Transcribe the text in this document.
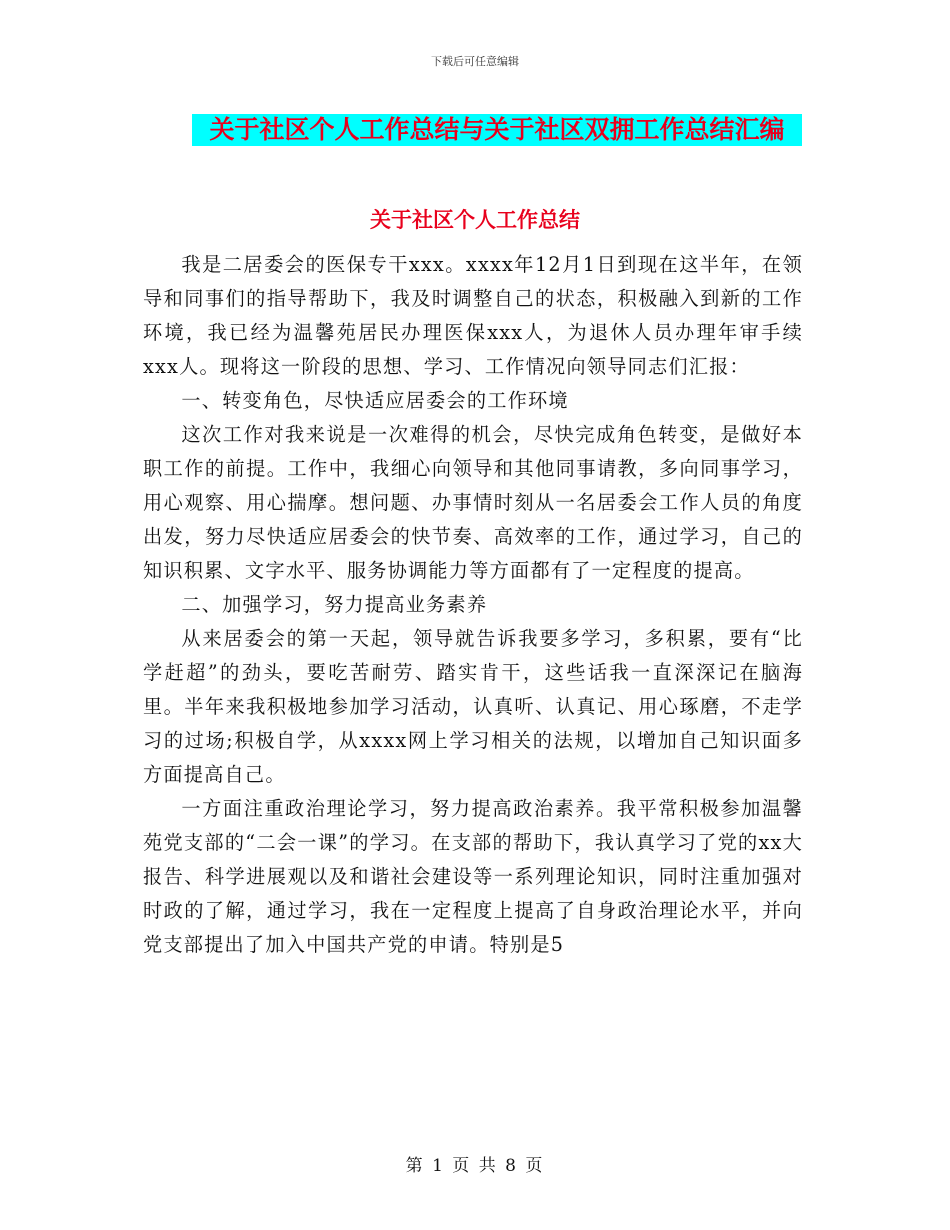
下载后可任意编辑
关于社区个人工作总结与关于社区双拥工作总结汇编
关于社区个人工作总结

我是二居委会的医保专干xxx。xxxx年12月1日到现在这半年，在领导和同事们的指导帮助下，我及时调整自己的状态，积极融入到新的工作环境，我已经为温馨苑居民办理医保xxx人，为退休人员办理年审手续xxx人。现将这一阶段的思想、学习、工作情况向领导同志们汇报：

一、转变角色，尽快适应居委会的工作环境

这次工作对我来说是一次难得的机会，尽快完成角色转变，是做好本职工作的前提。工作中，我细心向领导和其他同事请教，多向同事学习，用心观察、用心揣摩。想问题、办事情时刻从一名居委会工作人员的角度出发，努力尽快适应居委会的快节奏、高效率的工作，通过学习，自己的知识积累、文字水平、服务协调能力等方面都有了一定程度的提高。

二、加强学习，努力提高业务素养

从来居委会的第一天起，领导就告诉我要多学习，多积累，要有“比学赶超”的劲头，要吃苦耐劳、踏实肯干，这些话我一直深深记在脑海里。半年来我积极地参加学习活动，认真听、认真记、用心琢磨，不走学习的过场;积极自学，从xxxx网上学习相关的法规，以增加自己知识面多方面提高自己。

一方面注重政治理论学习，努力提高政治素养。我平常积极参加温馨苑党支部的“二会一课”的学习。在支部的帮助下，我认真学习了党的xx大报告、科学进展观以及和谐社会建设等一系列理论知识，同时注重加强对时政的了解，通过学习，我在一定程度上提高了自身政治理论水平，并向党支部提出了加入中国共产党的申请。特别是5

第 1 页 共 8 页
